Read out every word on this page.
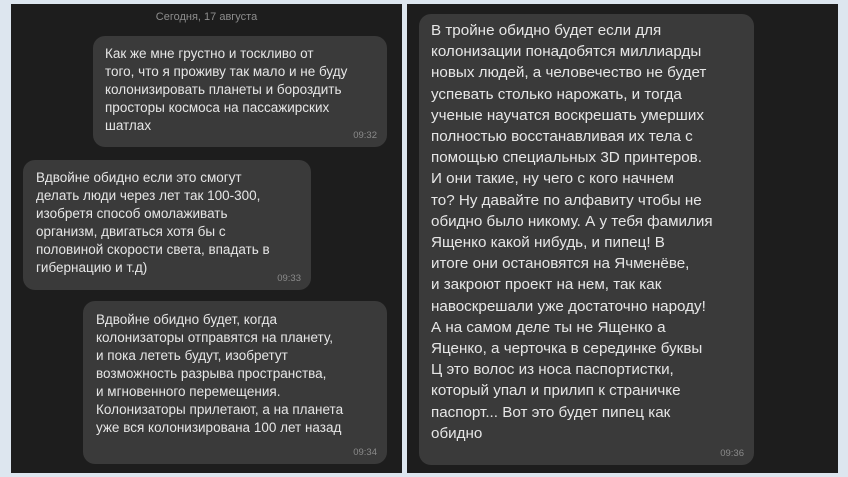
Сегодня, 17 августа
Как же мне грустно и тоскливо от
того, что я проживу так мало и не буду
колонизировать планеты и бороздить
просторы космоса на пассажирских
шатлах
09:32
Вдвойне обидно если это смогут
делать люди через лет так 100-300,
изобретя способ омолаживать
организм, двигаться хотя бы с
половиной скорости света, впадать в
гибернацию и т.д)
09:33
Вдвойне обидно будет, когда
колонизаторы отправятся на планету,
и пока лететь будут, изобретут
возможность разрыва пространства,
и мгновенного перемещения.
Колонизаторы прилетают, а на планета
уже вся колонизирована 100 лет назад
09:34
В тройне обидно будет если для
колонизации понадобятся миллиарды
новых людей, а человечество не будет
успевать столько нарожать, и тогда
ученые научатся воскрешать умерших
полностью восстанавливая их тела с
помощью специальных 3D принтеров.
И они такие, ну чего с кого начнем
то? Ну давайте по алфавиту чтобы не
обидно было никому. А у тебя фамилия
Ященко какой нибудь, и пипец! В
итоге они остановятся на Ячменёве,
и закроют проект на нем, так как
навоскрешали уже достаточно народу!
А на самом деле ты не Ященко а
Яценко, а черточка в серединке буквы
Ц это волос из носа паспортистки,
который упал и прилип к страничке
паспорт... Вот это будет пипец как
обидно
09:36
